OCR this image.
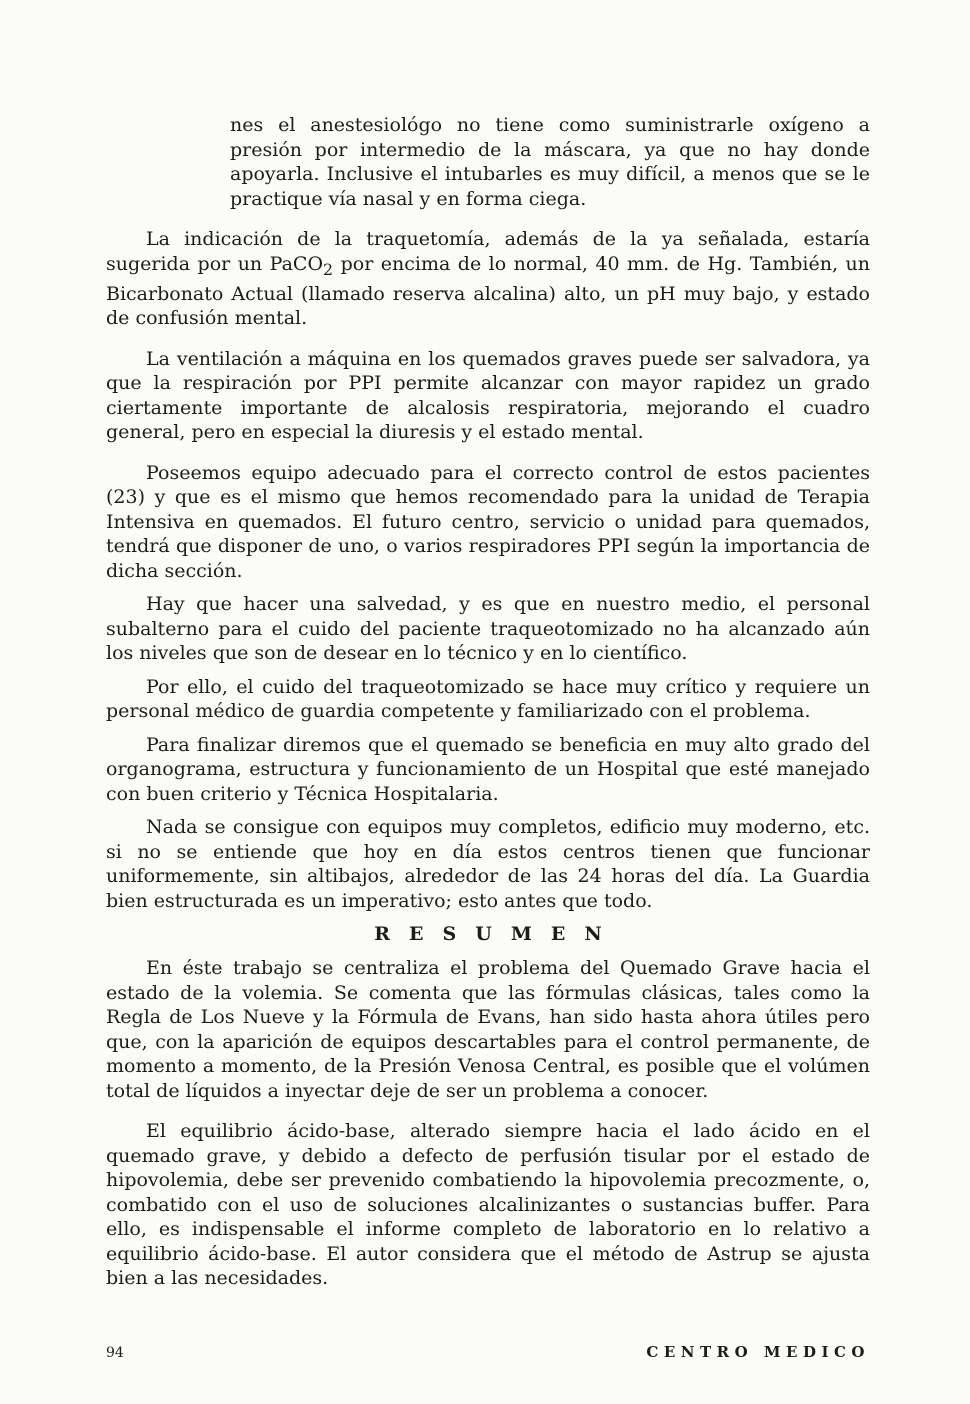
nes el anestesiológo no tiene como suministrarle oxígeno a presión por intermedio de la máscara, ya que no hay donde apoyarla. Inclusive el intubarles es muy difícil, a menos que se le practique vía nasal y en forma ciega.

La indicación de la traquetomía, además de la ya señalada, estaría sugerida por un PaCO$_2$ por encima de lo normal, 40 mm. de Hg. También, un Bicarbonato Actual (llamado reserva alcalina) alto, un pH muy bajo, y estado de confusión mental.

La ventilación a máquina en los quemados graves puede ser salvadora, ya que la respiración por PPI permite alcanzar con mayor rapidez un grado ciertamente importante de alcalosis respiratoria, mejorando el cuadro general, pero en especial la diuresis y el estado mental.

Poseemos equipo adecuado para el correcto control de estos pacientes (23) y que es el mismo que hemos recomendado para la unidad de Terapia Intensiva en quemados. El futuro centro, servicio o unidad para quemados, tendrá que disponer de uno, o varios respiradores PPI según la importancia de dicha sección.

Hay que hacer una salvedad, y es que en nuestro medio, el personal subalterno para el cuido del paciente traqueotomizado no ha alcanzado aún los niveles que son de desear en lo técnico y en lo científico.

Por ello, el cuido del traqueotomizado se hace muy crítico y requiere un personal médico de guardia competente y familiarizado con el problema.

Para finalizar diremos que el quemado se beneficia en muy alto grado del organograma, estructura y funcionamiento de un Hospital que esté manejado con buen criterio y Técnica Hospitalaria.

Nada se consigue con equipos muy completos, edificio muy moderno, etc. si no se entiende que hoy en día estos centros tienen que funcionar uniformemente, sin altibajos, alrededor de las 24 horas del día. La Guardia bien estructurada es un imperativo; esto antes que todo.

RESUMEN

En éste trabajo se centraliza el problema del Quemado Grave hacia el estado de la volemia. Se comenta que las fórmulas clásicas, tales como la Regla de Los Nueve y la Fórmula de Evans, han sido hasta ahora útiles pero que, con la aparición de equipos descartables para el control permanente, de momento a momento, de la Presión Venosa Central, es posible que el volúmen total de líquidos a inyectar deje de ser un problema a conocer.

El equilibrio ácido-base, alterado siempre hacia el lado ácido en el quemado grave, y debido a defecto de perfusión tisular por el estado de hipovolemia, debe ser prevenido combatiendo la hipovolemia precozmente, o, combatido con el uso de soluciones alcalinizantes o sustancias buffer. Para ello, es indispensable el informe completo de laboratorio en lo relativo a equilibrio ácido-base. El autor considera que el método de Astrup se ajusta bien a las necesidades.

94	CENTRO MEDICO
